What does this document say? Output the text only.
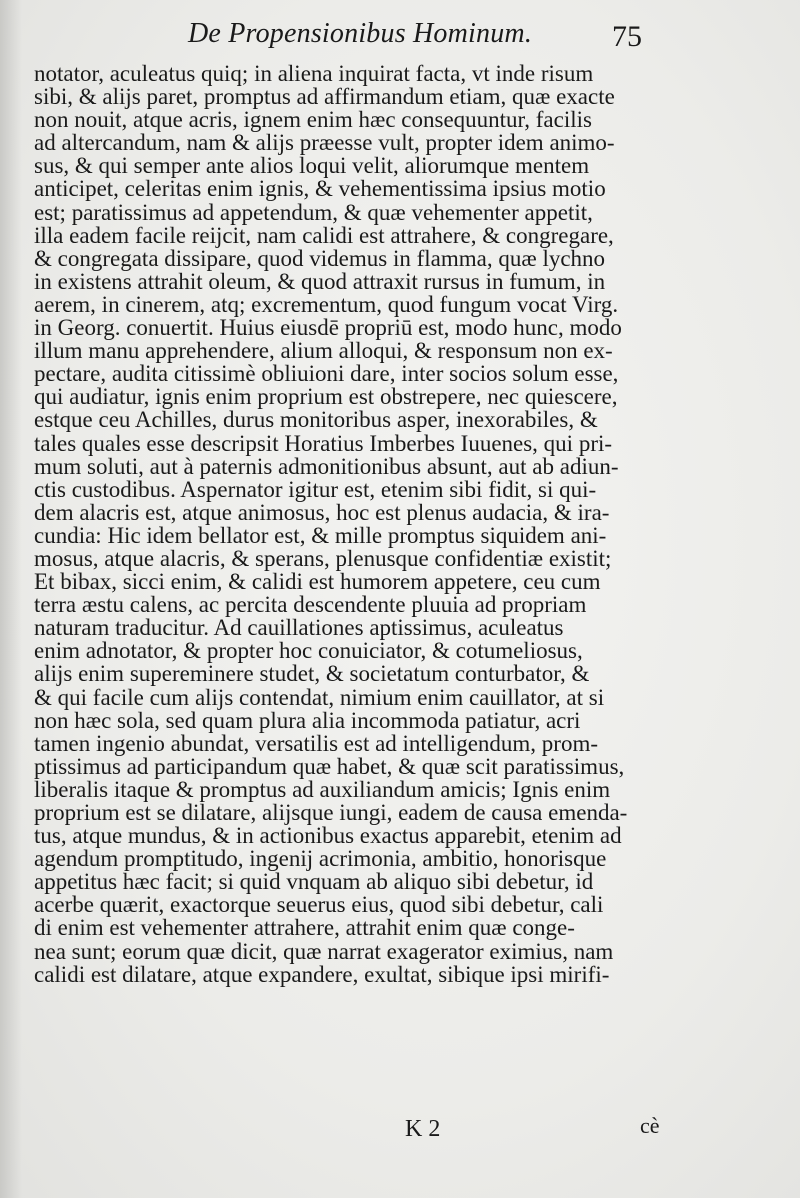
De Propensionibus Hominum.	75
notator, aculeatus quiq; in aliena inquirat facta, vt inde risum
sibi, & alijs paret, promptus ad affirmandum etiam, quæ exacte
non nouit, atque acris, ignem enim hæc consequuntur, facilis
ad altercandum, nam & alijs præesse vult, propter idem animo-
sus, & qui semper ante alios loqui velit, aliorumque mentem
anticipet, celeritas enim ignis, & vehementissima ipsius motio
est; paratissimus ad appetendum, & quæ vehementer appetit,
illa eadem facile reijcit, nam calidi est attrahere, & congregare,
& congregata dissipare, quod videmus in flamma, quæ lychno
in existens attrahit oleum, & quod attraxit rursus in fumum, in
aerem, in cinerem, atq; excrementum, quod fungum vocat Virg.
in Georg. conuertit. Huius eiusdē propriū est, modo hunc, modo
illum manu apprehendere, alium alloqui, & responsum non ex-
pectare, audita citissimè obliuioni dare, inter socios solum esse,
qui audiatur, ignis enim proprium est obstrepere, nec quiescere,
estque ceu Achilles, durus monitoribus asper, inexorabiles, &
tales quales esse descripsit Horatius Imberbes Iuuenes, qui pri-
mum soluti, aut à paternis admonitionibus absunt, aut ab adiun-
ctis custodibus. Aspernator igitur est, etenim sibi fidit, si qui-
dem alacris est, atque animosus, hoc est plenus audacia, & ira-
cundia: Hic idem bellator est, & mille promptus siquidem ani-
mosus, atque alacris, & sperans, plenusque confidentiæ existit;
Et bibax, sicci enim, & calidi est humorem appetere, ceu cum
terra æstu calens, ac percita descendente pluuia ad propriam
naturam traducitur. Ad cauillationes aptissimus, aculeatus
enim adnotator, & propter hoc conuiciator, & cotumeliosus,
alijs enim supereminere studet, & societatum conturbator, &
& qui facile cum alijs contendat, nimium enim cauillator, at si
non hæc sola, sed quam plura alia incommoda patiatur, acri
tamen ingenio abundat, versatilis est ad intelligendum, prom-
ptissimus ad participandum quæ habet, & quæ scit paratissimus,
liberalis itaque & promptus ad auxiliandum amicis; Ignis enim
proprium est se dilatare, alijsque iungi, eadem de causa emenda-
tus, atque mundus, & in actionibus exactus apparebit, etenim ad
agendum promptitudo, ingenij acrimonia, ambitio, honorisque
appetitus hæc facit; si quid vnquam ab aliquo sibi debetur, id
acerbe quærit, exactorque seuerus eius, quod sibi debetur, cali
di enim est vehementer attrahere, attrahit enim quæ conge-
nea sunt; eorum quæ dicit, quæ narrat exagerator eximius, nam
calidi est dilatare, atque expandere, exultat, sibique ipsi mirifi-
K 2	cè
